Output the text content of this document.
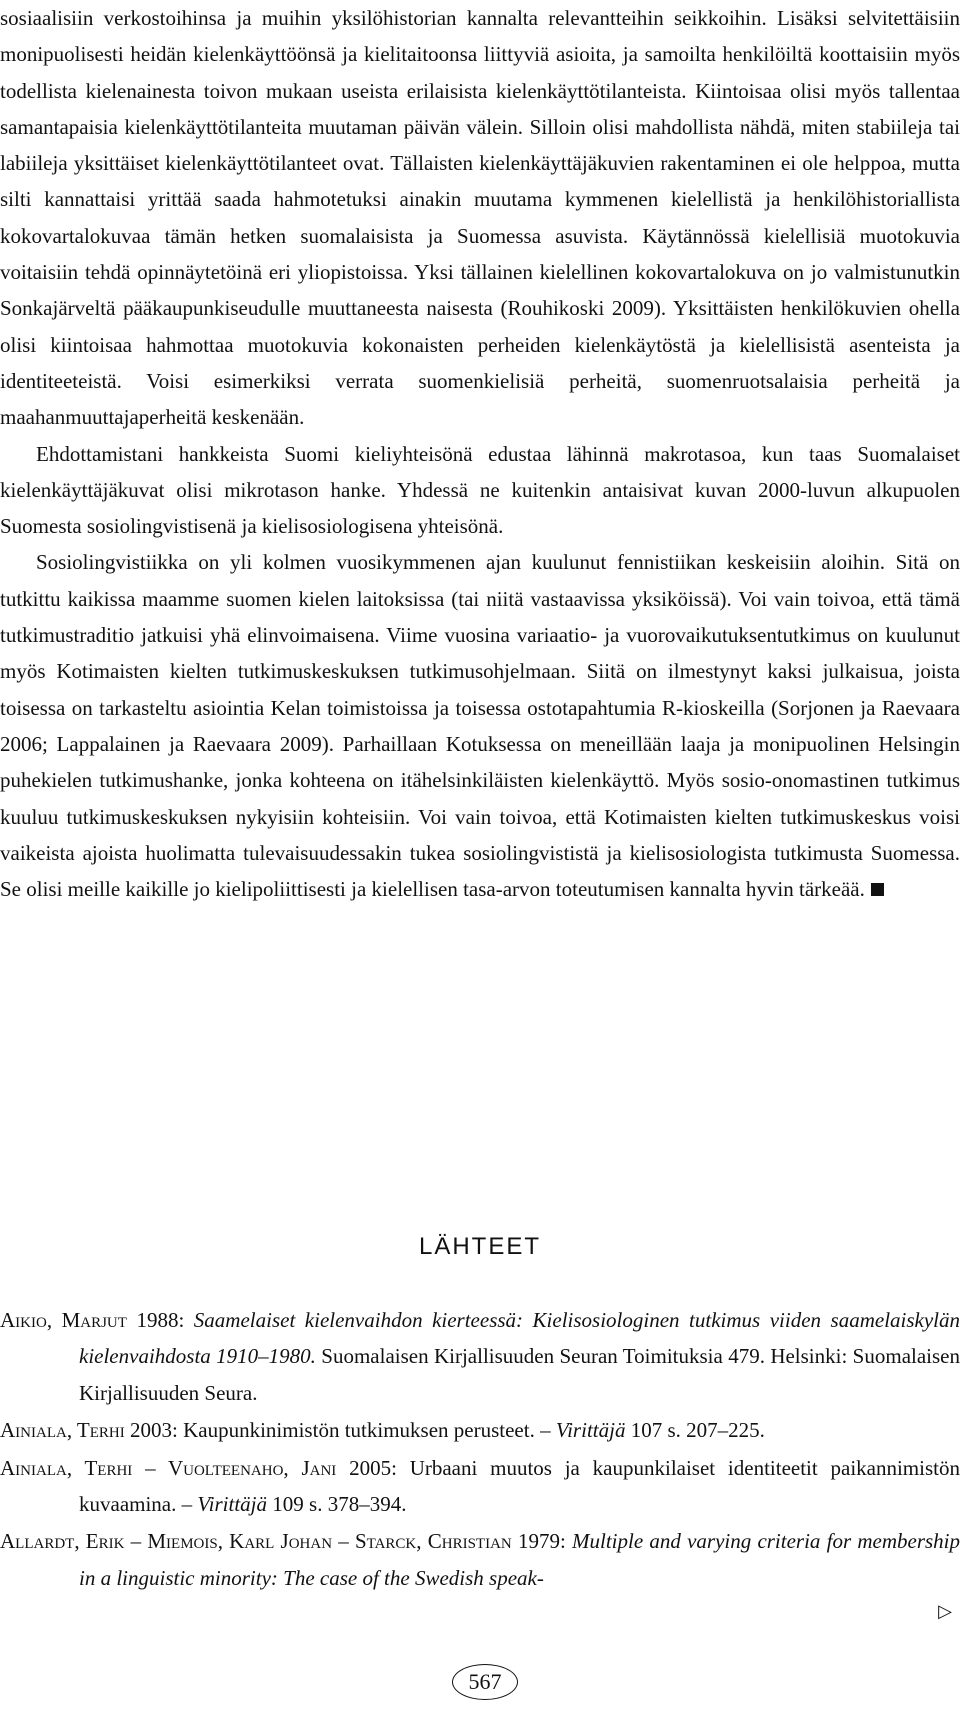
sosiaalisiin verkostoihinsa ja muihin yksilöhistorian kannalta relevantteihin seikkoihin. Lisäksi selvitettäisiin monipuolisesti heidän kielenkäyttöönsä ja kielitaitoonsa liittyviä asioita, ja samoilta henkilöiltä koottaisiin myös todellista kielenainesta toivon mukaan useista erilaisista kielenkäyttötilanteista. Kiintoisaa olisi myös tallentaa samantapaisia kielenkäyttötilanteita muutaman päivän välein. Silloin olisi mahdollista nähdä, miten stabiileja tai labiileja yksittäiset kielenkäyttötilanteet ovat. Tällaisten kielenkäyttäjäkuvien rakentaminen ei ole helppoa, mutta silti kannattaisi yrittää saada hahmotetuksi ainakin muutama kymmenen kielellistä ja henkilöhistoriallista kokovartalokuvaa tämän hetken suomalaisista ja Suomessa asuvista. Käytännössä kielellisiä muotokuvia voitaisiin tehdä opinnäytetöinä eri yliopistoissa. Yksi tällainen kielellinen kokovartalokuva on jo valmistunutkin Sonkajärveltä pääkaupunkiseudulle muuttaneesta naisesta (Rouhikoski 2009). Yksittäisten henkilökuvien ohella olisi kiintoisaa hahmottaa muotokuvia kokonaisten perheiden kielenkäytöstä ja kielellisistä asenteista ja identiteeteistä. Voisi esimerkiksi verrata suomenkielisiä perheitä, suomenruotsalaisia perheitä ja maahanmuuttajaperheitä keskenään.

Ehdottamistani hankkeista Suomi kieliyhteisönä edustaa lähinnä makrotasoa, kun taas Suomalaiset kielenkäyttäjäkuvat olisi mikrotason hanke. Yhdessä ne kuitenkin antaisivat kuvan 2000-luvun alkupuolen Suomesta sosiolingvistisenä ja kielisosiologisena yhteisönä.

Sosiolingvistiikka on yli kolmen vuosikymmenen ajan kuulunut fennistiikan keskeisiin aloihin. Sitä on tutkittu kaikissa maamme suomen kielen laitoksissa (tai niitä vastaavissa yksiköissä). Voi vain toivoa, että tämä tutkimustraditio jatkuisi yhä elinvoimaisena. Viime vuosina variaatio- ja vuorovaikutuksentutkimus on kuulunut myös Kotimaisten kielten tutkimuskeskuksen tutkimusohjelmaan. Siitä on ilmestynyt kaksi julkaisua, joista toisessa on tarkasteltu asiointia Kelan toimistoissa ja toisessa ostotapahtumia R-kioskeilla (Sorjonen ja Raevaara 2006; Lappalainen ja Raevaara 2009). Parhaillaan Kotuksessa on meneillään laaja ja monipuolinen Helsingin puhekielen tutkimushanke, jonka kohteena on itähelsinkiläisten kielenkäyttö. Myös sosio-onomastinen tutkimus kuuluu tutkimuskeskuksen nykyisiin kohteisiin. Voi vain toivoa, että Kotimaisten kielten tutkimuskeskus voisi vaikeista ajoista huolimatta tulevaisuudessakin tukea sosiolingvististä ja kielisosiologista tutkimusta Suomessa. Se olisi meille kaikille jo kielipoliittisesti ja kielellisen tasa-arvon toteutumisen kannalta hyvin tärkeää.

LÄHTEET

Aikio, Marjut 1988: Saamelaiset kielenvaihdon kierteessä: Kielisosiologinen tutkimus viiden saamelaiskylän kielenvaihdosta 1910–1980. Suomalaisen Kirjallisuuden Seuran Toimituksia 479. Helsinki: Suomalaisen Kirjallisuuden Seura.

Ainiala, Terhi 2003: Kaupunkinimistön tutkimuksen perusteet. – Virittäjä 107 s. 207–225.

Ainiala, Terhi – Vuolteenaho, Jani 2005: Urbaani muutos ja kaupunkilaiset identiteetit paikannimistön kuvaamina. – Virittäjä 109 s. 378–394.

Allardt, Erik – Miemois, Karl Johan – Starck, Christian 1979: Multiple and varying criteria for membership in a linguistic minority: The case of the Swedish speak-

▷
567
